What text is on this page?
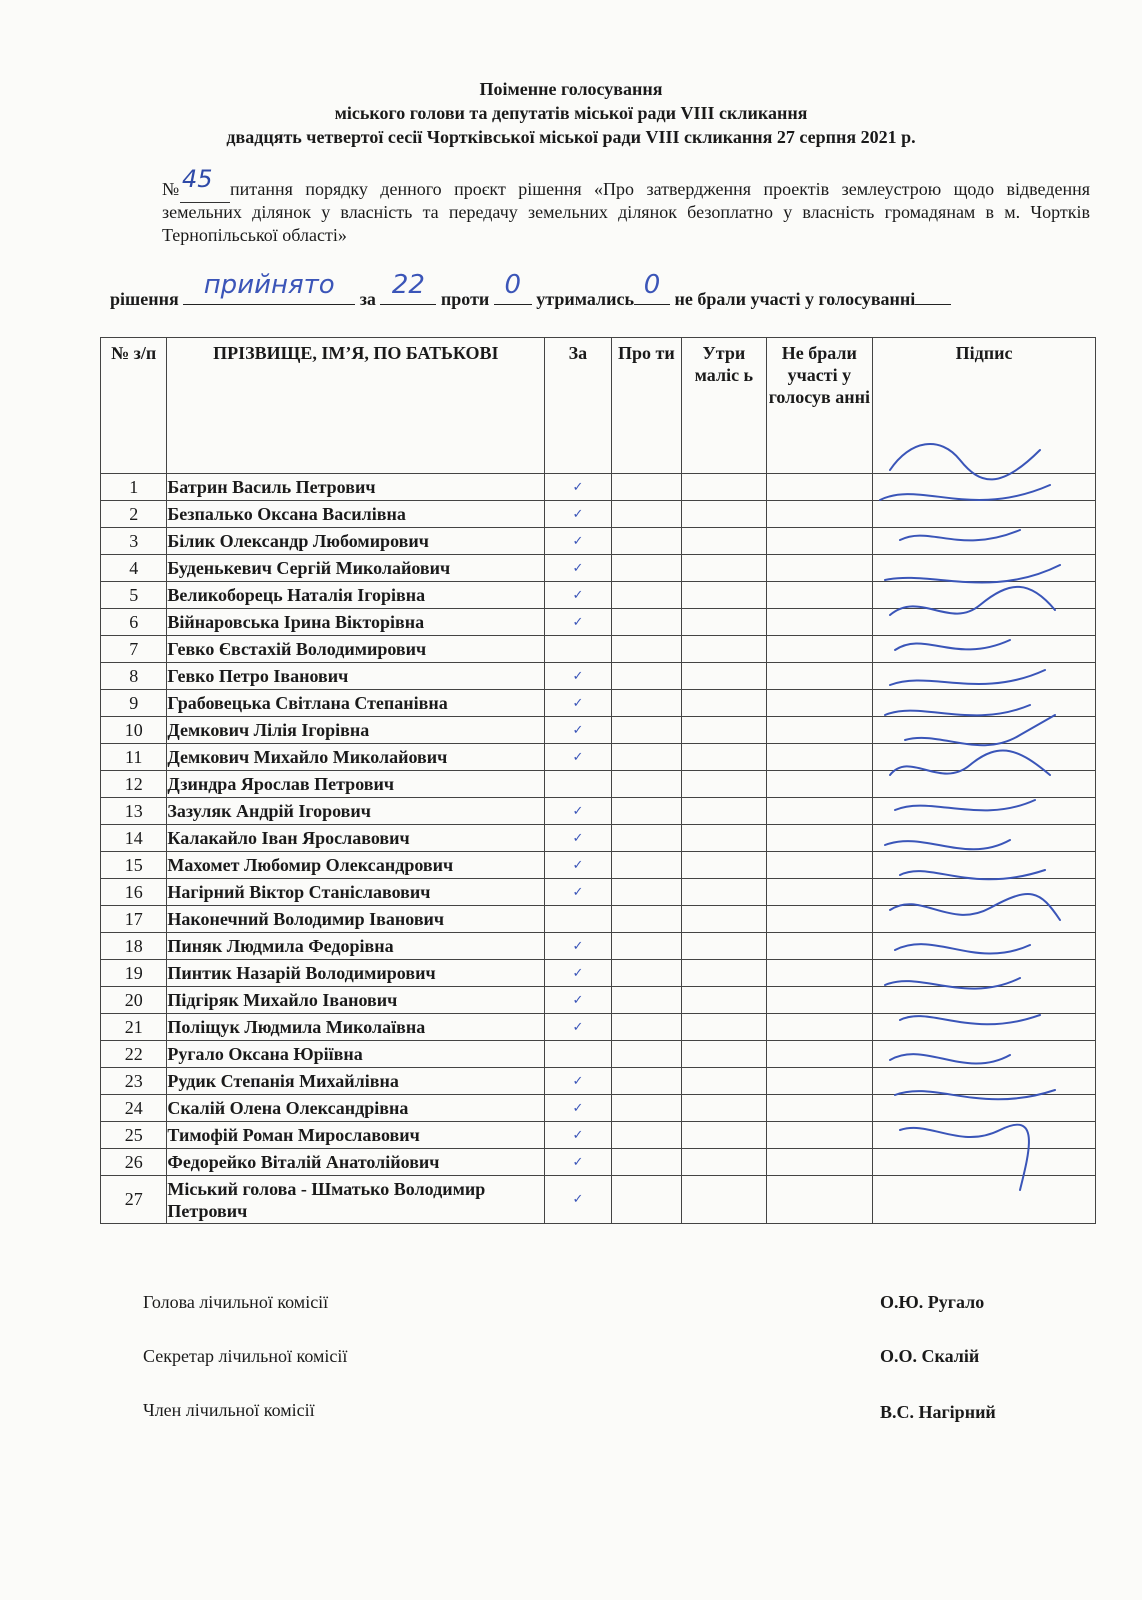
Поіменне голосування
міського голови та депутатів міської ради VIII скликання
двадцять четвертої сесії Чортківської міської ради VIII скликання 27 серпня 2021 р.
№ 45 питання порядку денного проєкт рішення «Про затвердження проектів землеустрою щодо відведення земельних ділянок у власність та передачу земельних ділянок безоплатно у власність громадянам в м. Чортків Тернопільської області»
рішення прийнято	за 22 проти 0 утримались 0 не брали участі у голосуванні
№ з/п	ПРІЗВИЩЕ, ІМ’Я, ПО БАТЬКОВІ	За	Про ти	Утри маліс ь	Не брали участі у голосув анні	Підпис
1	Батрин Василь Петрович	✓				
2	Безпалько Оксана Василівна	✓				
3	Білик Олександр Любомирович	✓				
4	Буденькевич Сергій Миколайович	✓				
5	Великоборець Наталія Ігорівна	✓				
6	Війнаровська Ірина Вікторівна	✓				
7	Гевко Євстахій Володимирович					
8	Гевко Петро Іванович	✓				
9	Грабовецька Світлана Степанівна	✓				
10	Демкович Лілія Ігорівна	✓				
11	Демкович Михайло Миколайович	✓				
12	Дзиндра Ярослав Петрович					
13	Зазуляк Андрій Ігорович	✓				
14	Калакайло Іван Ярославович	✓				
15	Махомет Любомир Олександрович	✓				
16	Нагірний Віктор Станіславович	✓				
17	Наконечний Володимир Іванович					
18	Пиняк Людмила Федорівна	✓				
19	Пинтик Назарій Володимирович	✓				
20	Підгіряк Михайло Іванович	✓				
21	Поліщук Людмила Миколаївна	✓				
22	Ругало Оксана Юріївна					
23	Рудик Степанія Михайлівна	✓				
24	Скалій Олена Олександрівна	✓				
25	Тимофій Роман Мирославович	✓				
26	Федорейко Віталій Анатолійович	✓				
27	Міський голова - Шматько Володимир Петрович	✓				
Голова лічильної комісії	О.Ю. Ругало
Секретар лічильної комісії	О.О. Скалій
Член лічильної комісії	В.С. Нагірний
